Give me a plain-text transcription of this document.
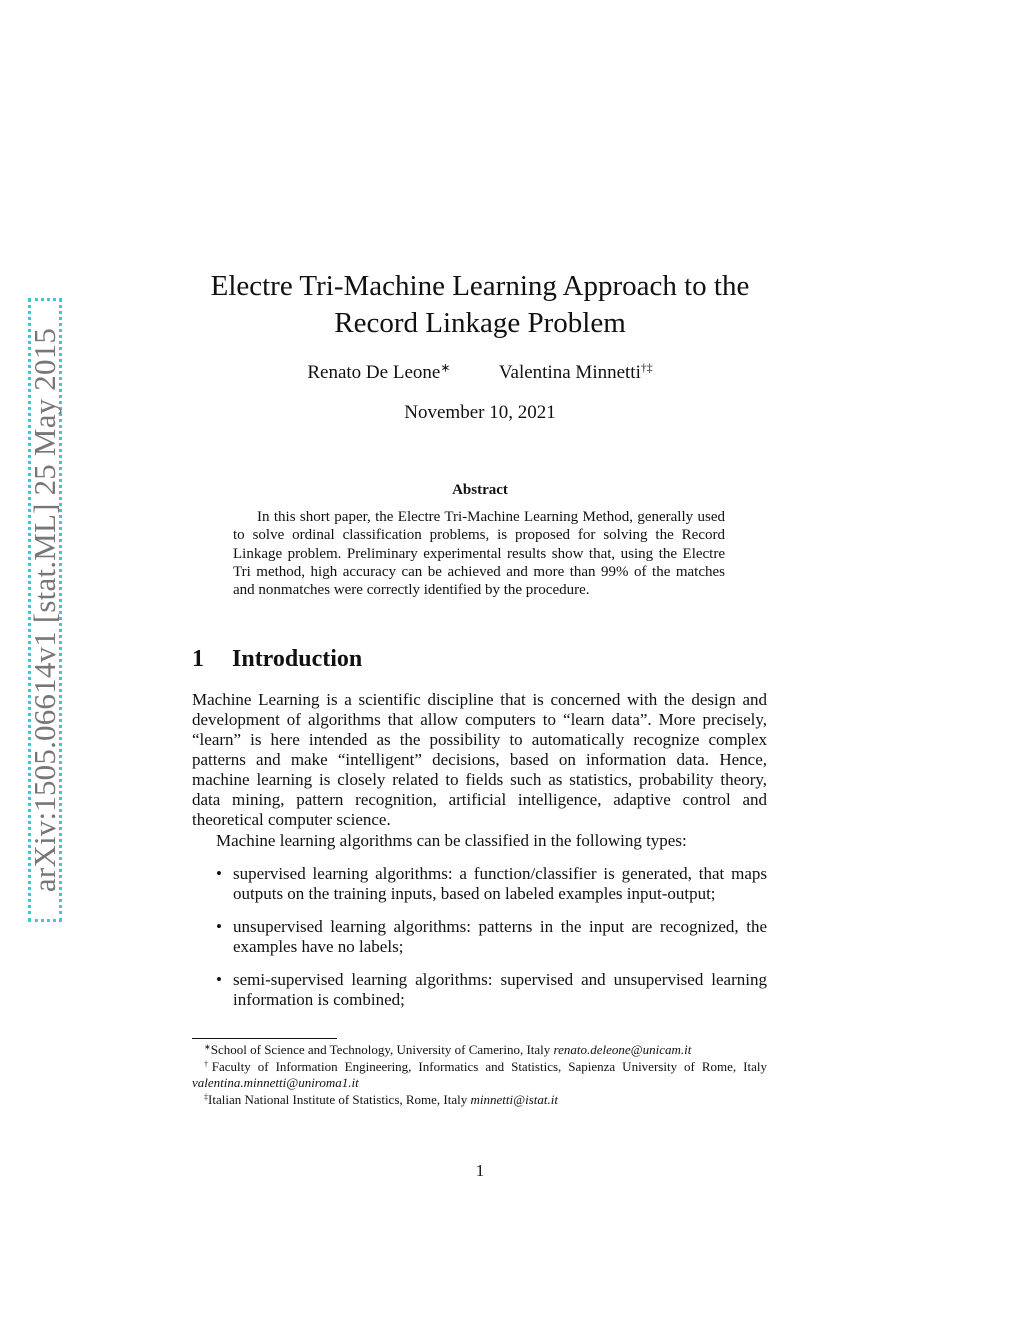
arXiv:1505.06614v1 [stat.ML] 25 May 2015
Electre Tri-Machine Learning Approach to the
Record Linkage Problem
Renato De Leone∗	Valentina Minnetti†‡
November 10, 2021
Abstract
In this short paper, the Electre Tri-Machine Learning Method, generally used to solve ordinal classification problems, is proposed for solving the Record Linkage problem. Preliminary experimental results show that, using the Electre Tri method, high accuracy can be achieved and more than 99% of the matches and nonmatches were correctly identified by the procedure.
1 Introduction
Machine Learning is a scientific discipline that is concerned with the design and development of algorithms that allow computers to “learn data”. More precisely, “learn” is here intended as the possibility to automatically recognize complex patterns and make “intelligent” decisions, based on information data. Hence, machine learning is closely related to fields such as statistics, probability theory, data mining, pattern recognition, artificial intelligence, adaptive control and theoretical computer science.
Machine learning algorithms can be classified in the following types:
• supervised learning algorithms: a function/classifier is generated, that maps outputs on the training inputs, based on labeled examples input-output;
• unsupervised learning algorithms: patterns in the input are recognized, the examples have no labels;
• semi-supervised learning algorithms: supervised and unsupervised learning information is combined;
∗School of Science and Technology, University of Camerino, Italy renato.deleone@unicam.it
†Faculty of Information Engineering, Informatics and Statistics, Sapienza University of Rome, Italy valentina.minnetti@uniroma1.it
‡Italian National Institute of Statistics, Rome, Italy minnetti@istat.it
1
